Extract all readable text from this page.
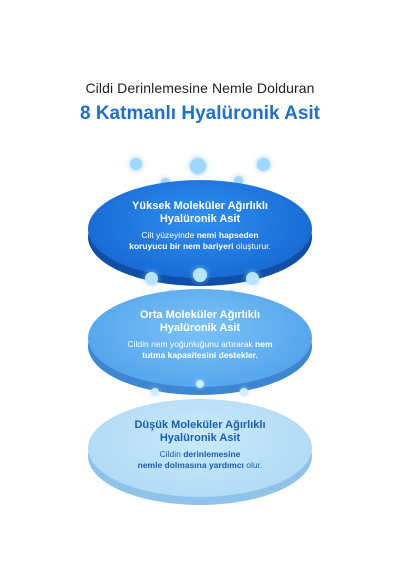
Cildi Derinlemesine Nemle Dolduran
8 Katmanlı Hyalüronik Asit
Yüksek Moleküler Ağırlıklı
Hyalüronik Asit
Cilt yüzeyinde nemi hapseden
koruyucu bir nem bariyeri oluşturur.
Orta Moleküler Ağırlıklı
Hyalüronik Asit
Cildin nem yoğunluğunu artırarak nem
tutma kapasitesini destekler.
Düşük Moleküler Ağırlıklı
Hyalüronik Asit
Cildin derinlemesine
nemle dolmasına yardımcı olur.
